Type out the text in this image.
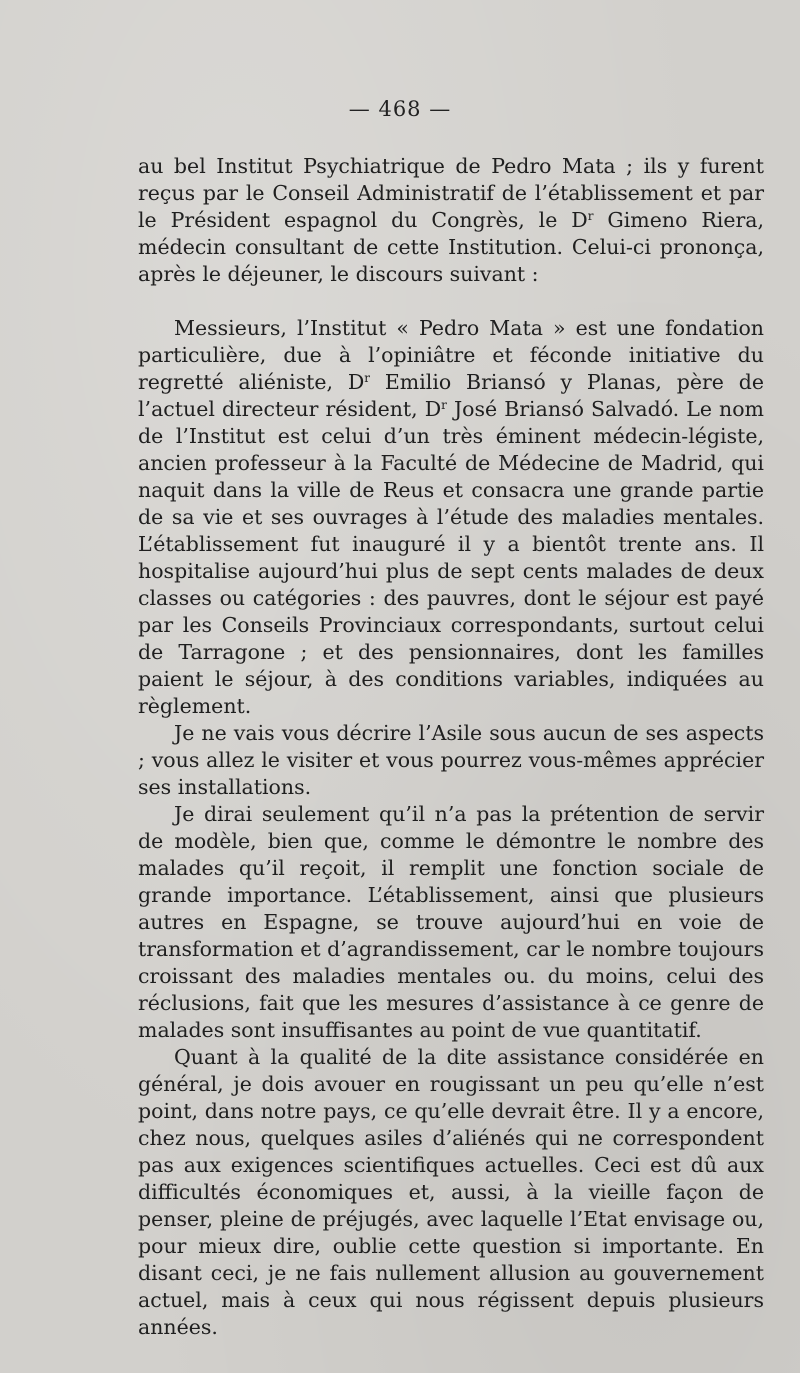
— 468 —

au bel Institut Psychiatrique de Pedro Mata ; ils y furent reçus par le Conseil Administratif de l’établissement et par le Président espagnol du Congrès, le $D^r$ Gimeno Riera, médecin consultant de cette Institution. Celui-ci prononça, après le déjeuner, le discours suivant :

Messieurs, l’Institut « Pedro Mata » est une fondation particulière, due à l’opiniâtre et féconde initiative du regretté aliéniste, $D^r$ Emilio Briansó y Planas, père de l’actuel directeur résident, $D^r$ José Briansó Salvadó. Le nom de l’Institut est celui d’un très éminent médecin-légiste, ancien professeur à la Faculté de Médecine de Madrid, qui naquit dans la ville de Reus et consacra une grande partie de sa vie et ses ouvrages à l’étude des maladies mentales. L’établissement fut inauguré il y a bientôt trente ans. Il hospitalise aujourd’hui plus de sept cents malades de deux classes ou catégories : des pauvres, dont le séjour est payé par les Conseils Provinciaux correspondants, surtout celui de Tarragone ; et des pensionnaires, dont les familles paient le séjour, à des conditions variables, indiquées au règlement.

Je ne vais vous décrire l’Asile sous aucun de ses aspects ; vous allez le visiter et vous pourrez vous-mêmes apprécier ses installations.

Je dirai seulement qu’il n’a pas la prétention de servir de modèle, bien que, comme le démontre le nombre des malades qu’il reçoit, il remplit une fonction sociale de grande importance. L’établissement, ainsi que plusieurs autres en Espagne, se trouve aujourd’hui en voie de transformation et d’agrandissement, car le nombre toujours croissant des maladies mentales ou. du moins, celui des réclusions, fait que les mesures d’assistance à ce genre de malades sont insuffisantes au point de vue quantitatif.

Quant à la qualité de la dite assistance considérée en général, je dois avouer en rougissant un peu qu’elle n’est point, dans notre pays, ce qu’elle devrait être. Il y a encore, chez nous, quelques asiles d’aliénés qui ne correspondent pas aux exigences scientifiques actuelles. Ceci est dû aux difficultés économiques et, aussi, à la vieille façon de penser, pleine de préjugés, avec laquelle l’Etat envisage ou, pour mieux dire, oublie cette question si importante. En disant ceci, je ne fais nullement allusion au gouvernement actuel, mais à ceux qui nous régissent depuis plusieurs années.
